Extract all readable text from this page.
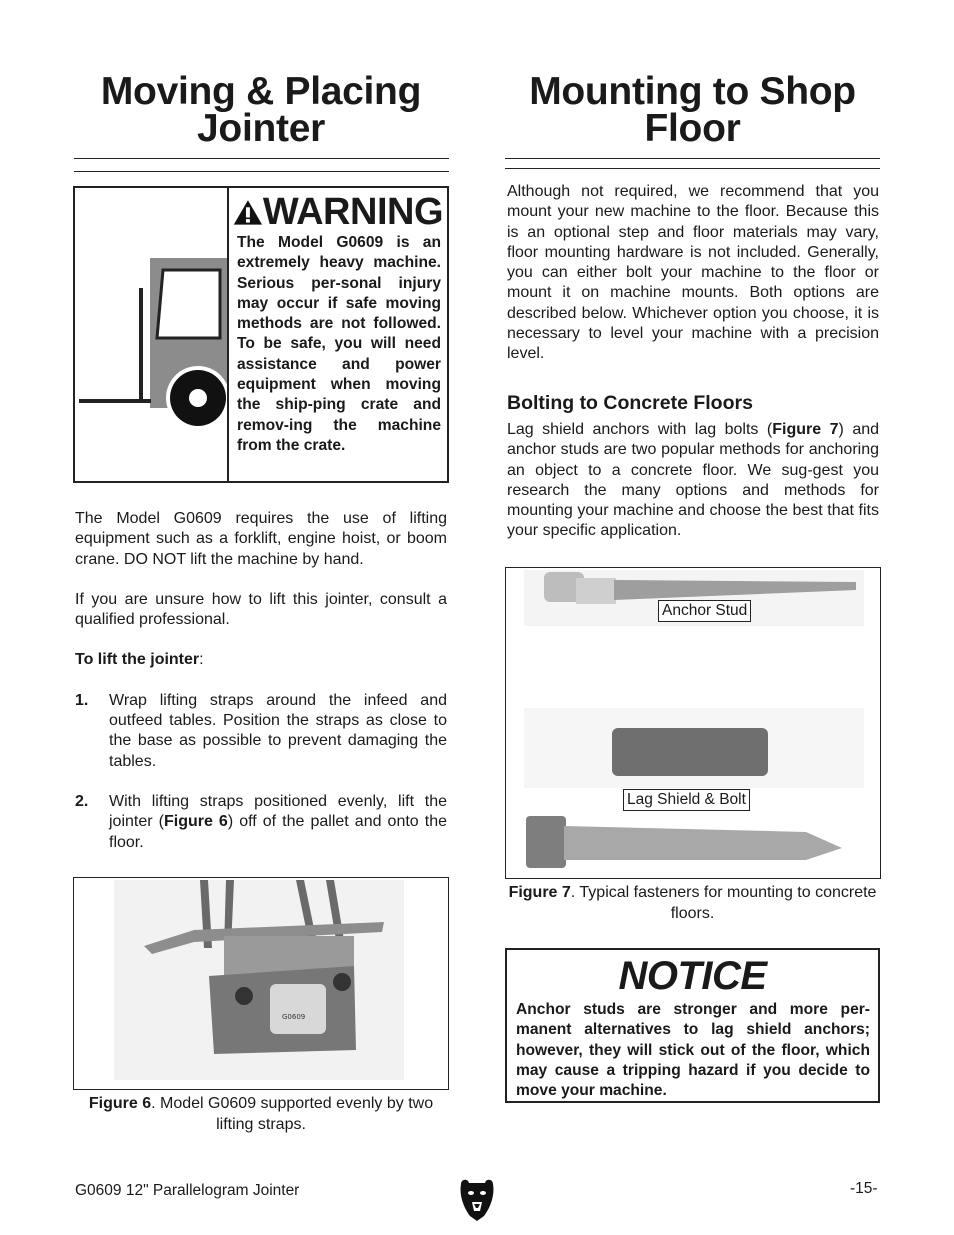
Moving & Placing
Jointer
WARNING
The Model G0609 is an extremely heavy machine. Serious per-sonal injury may occur if safe moving methods are not followed. To be safe, you will need assistance and power equipment when moving the ship-ping crate and remov-ing the machine from the crate.

The Model G0609 requires the use of lifting equipment such as a forklift, engine hoist, or boom crane. DO NOT lift the machine by hand.

If you are unsure how to lift this jointer, consult a qualified professional.

To lift the jointer:

1. Wrap lifting straps around the infeed and outfeed tables. Position the straps as close to the base as possible to prevent damaging the tables.
2. With lifting straps positioned evenly, lift the jointer (Figure 6) off of the pallet and onto the floor.
G0609
Figure 6. Model G0609 supported evenly by two lifting straps.
Mounting to Shop
Floor
Although not required, we recommend that you mount your new machine to the floor. Because this is an optional step and floor materials may vary, floor mounting hardware is not included. Generally, you can either bolt your machine to the floor or mount it on machine mounts. Both options are described below. Whichever option you choose, it is necessary to level your machine with a precision level.
Bolting to Concrete Floors
Lag shield anchors with lag bolts (Figure 7) and anchor studs are two popular methods for anchoring an object to a concrete floor. We sug-gest you research the many options and methods for mounting your machine and choose the best that fits your specific application.
Anchor Stud
Lag Shield & Bolt
Figure 7. Typical fasteners for mounting to concrete floors.
NOTICE
Anchor studs are stronger and more per-manent alternatives to lag shield anchors; however, they will stick out of the floor, which may cause a tripping hazard if you decide to move your machine.
G0609 12" Parallelogram Jointer	-15-
